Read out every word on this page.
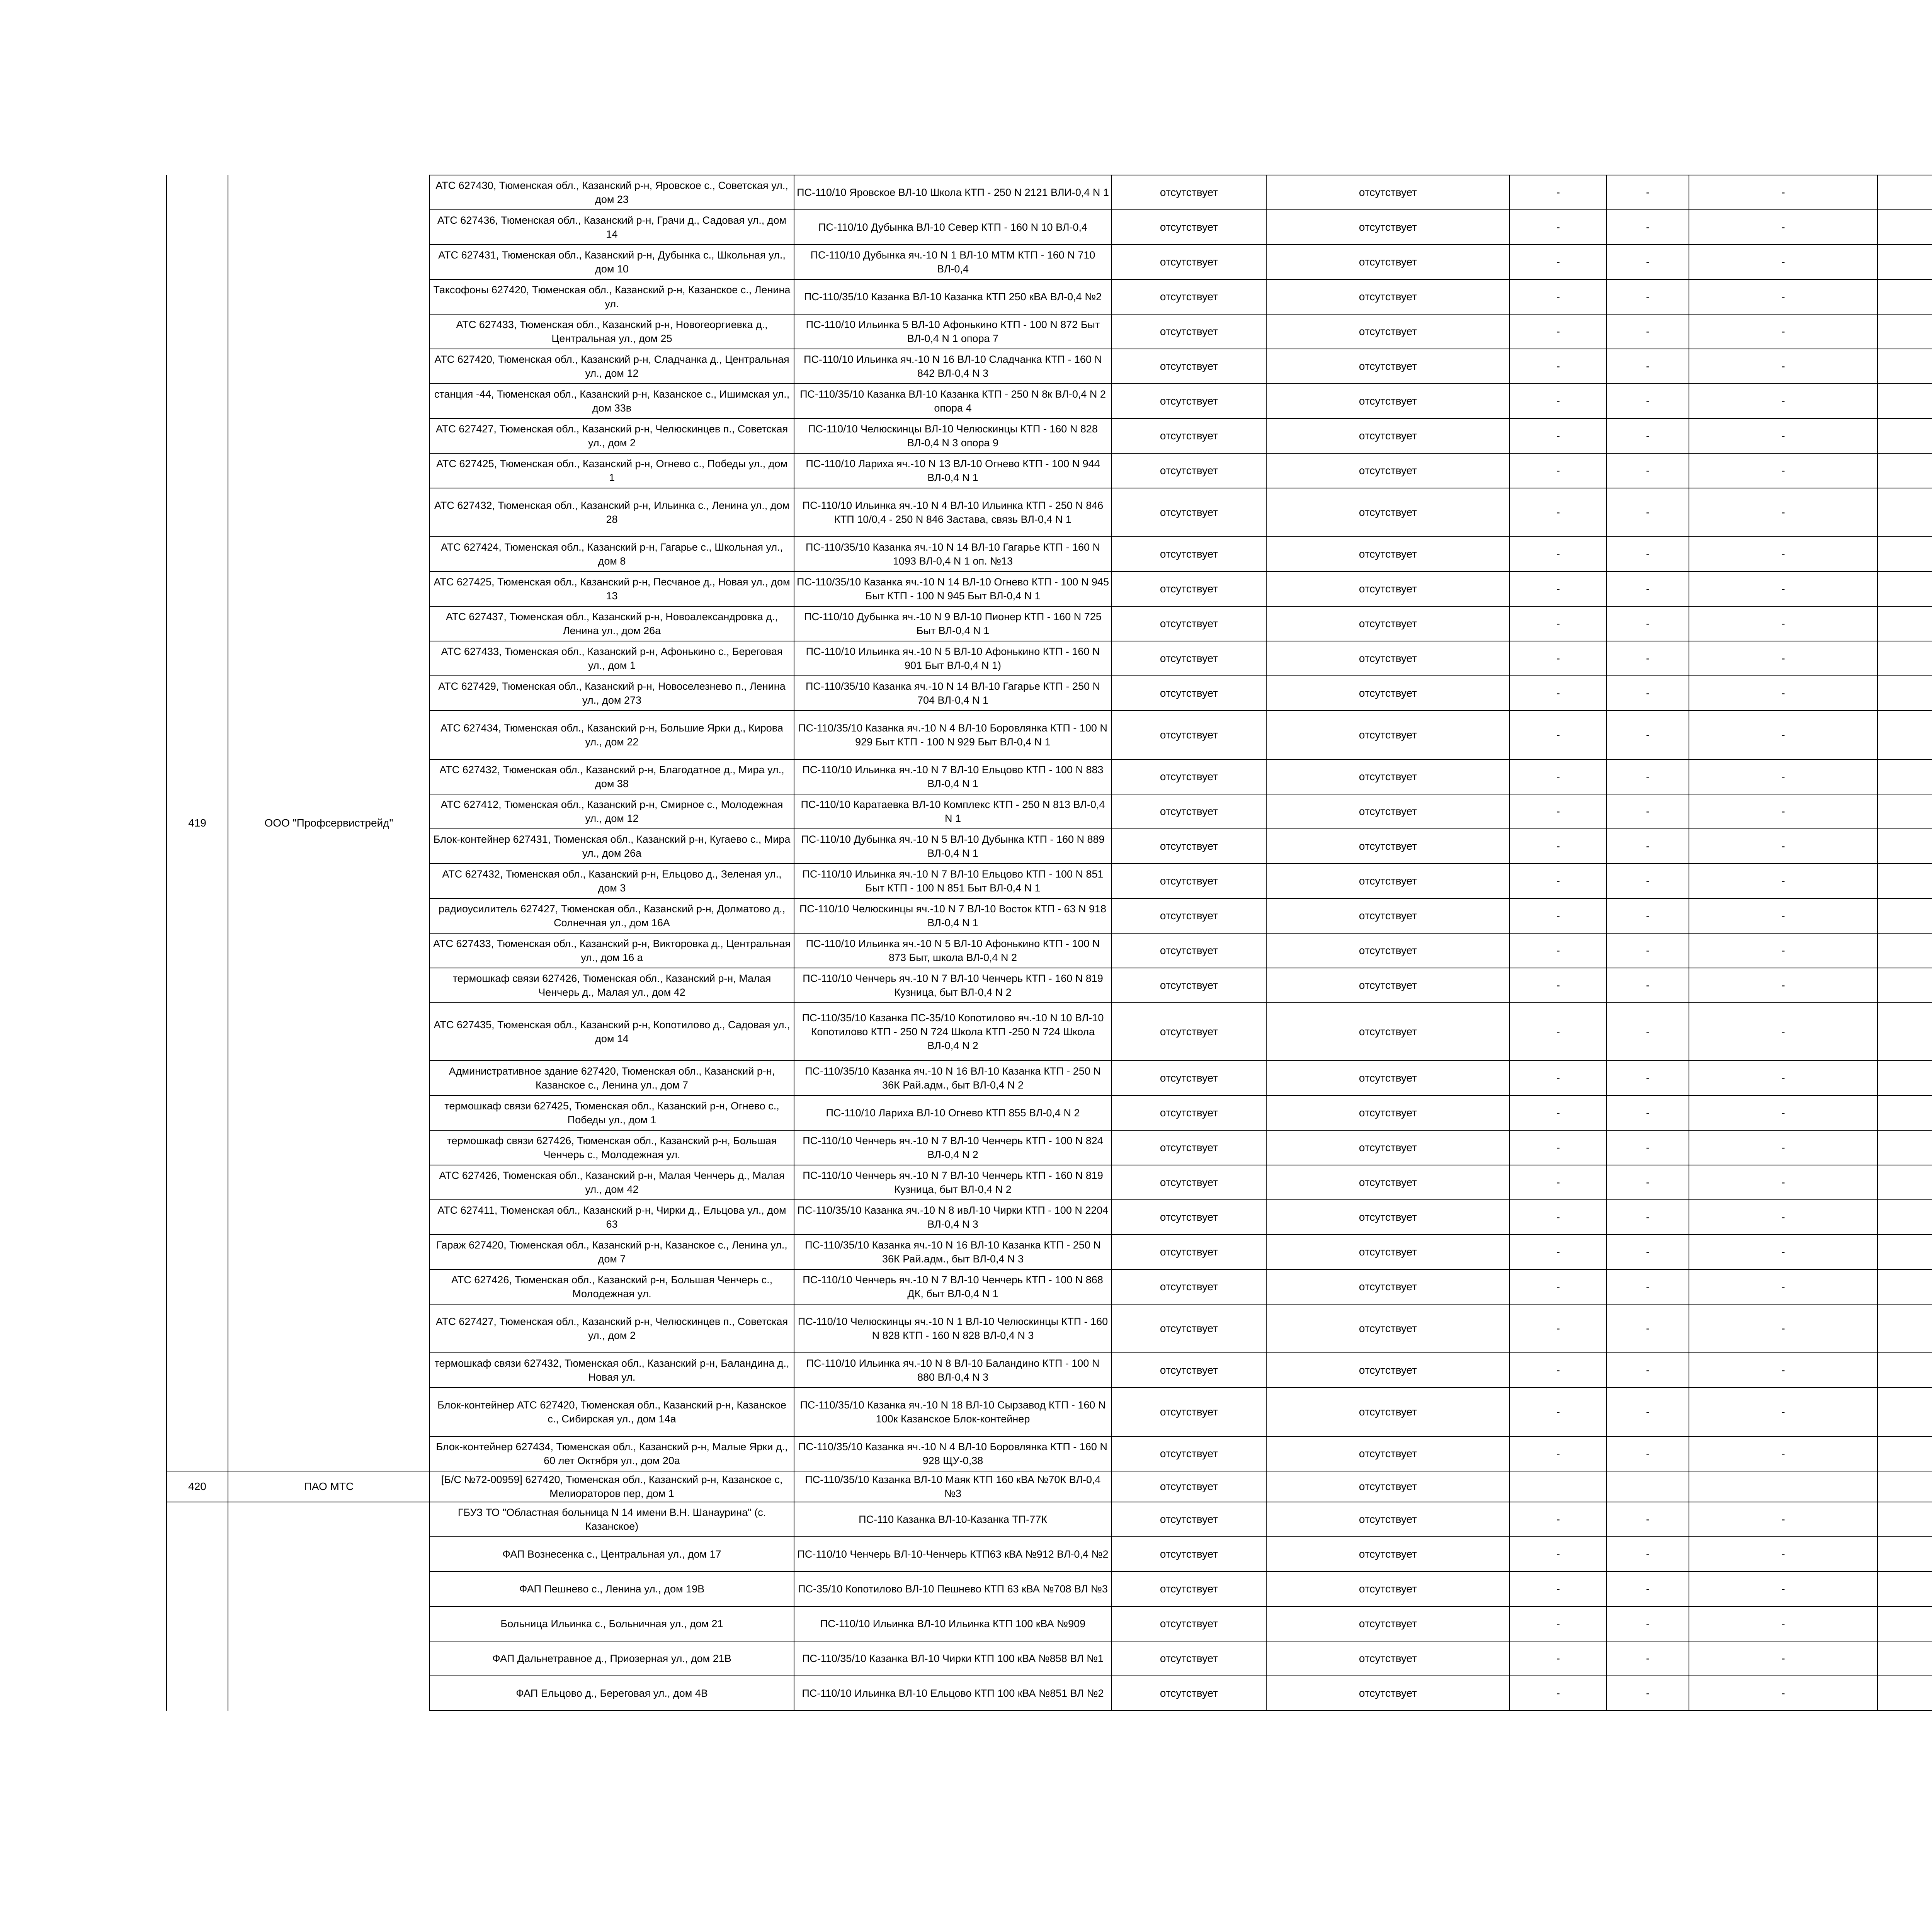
419	ООО "Профсервистрейд"	АТС 627430, Тюменская обл., Казанский р-н, Яровское с., Советская ул., дом 23	ПС-110/10 Яровское ВЛ-10 Школа КТП - 250 N 2121 ВЛИ-0,4 N 1	отсутствует	отсутствует	-	-	-		
		АТС 627436, Тюменская обл., Казанский р-н, Грачи д., Садовая ул., дом 14	ПС-110/10 Дубынка ВЛ-10 Север КТП - 160 N 10 ВЛ-0,4	отсутствует	отсутствует	-	-	-		
		АТС 627431, Тюменская обл., Казанский р-н, Дубынка с., Школьная ул., дом 10	ПС-110/10 Дубынка яч.-10 N 1 ВЛ-10 МТМ КТП - 160 N 710 ВЛ-0,4	отсутствует	отсутствует	-	-	-		
		Таксофоны 627420, Тюменская обл., Казанский р-н, Казанское с., Ленина ул.	ПС-110/35/10 Казанка ВЛ-10 Казанка КТП 250 кВА ВЛ-0,4 №2	отсутствует	отсутствует	-	-	-		
		АТС 627433, Тюменская обл., Казанский р-н, Новогеоргиевка д., Центральная ул., дом 25	ПС-110/10 Ильинка 5 ВЛ-10 Афонькино КТП - 100 N 872 Быт ВЛ-0,4 N 1 опора 7	отсутствует	отсутствует	-	-	-		
		АТС 627420, Тюменская обл., Казанский р-н, Сладчанка д., Центральная ул., дом 12	ПС-110/10 Ильинка яч.-10 N 16 ВЛ-10 Сладчанка КТП - 160 N 842 ВЛ-0,4 N 3	отсутствует	отсутствует	-	-	-		
		станция -44, Тюменская обл., Казанский р-н, Казанское с., Ишимская ул., дом 33в	ПС-110/35/10 Казанка ВЛ-10 Казанка КТП - 250 N 8к ВЛ-0,4 N 2 опора 4	отсутствует	отсутствует	-	-	-		
		АТС 627427, Тюменская обл., Казанский р-н, Челюскинцев п., Советская ул., дом 2	ПС-110/10 Челюскинцы ВЛ-10 Челюскинцы КТП - 160 N 828 ВЛ-0,4 N 3 опора 9	отсутствует	отсутствует	-	-	-		
		АТС 627425, Тюменская обл., Казанский р-н, Огнево с., Победы ул., дом 1	ПС-110/10 Лариха яч.-10 N 13 ВЛ-10 Огнево КТП - 100 N 944 ВЛ-0,4 N 1	отсутствует	отсутствует	-	-	-		
		АТС 627432, Тюменская обл., Казанский р-н, Ильинка с., Ленина ул., дом 28	ПС-110/10 Ильинка яч.-10 N 4 ВЛ-10 Ильинка КТП - 250 N 846 КТП 10/0,4 - 250 N 846 Застава, связь ВЛ-0,4 N 1	отсутствует	отсутствует	-	-	-		
		АТС 627424, Тюменская обл., Казанский р-н, Гагарье с., Школьная ул., дом 8	ПС-110/35/10 Казанка яч.-10 N 14 ВЛ-10 Гагарье КТП - 160 N 1093 ВЛ-0,4 N 1 оп. №13	отсутствует	отсутствует	-	-	-		
		АТС 627425, Тюменская обл., Казанский р-н, Песчаное д., Новая ул., дом 13	ПС-110/35/10 Казанка яч.-10 N 14 ВЛ-10 Огнево КТП - 100 N 945 Быт КТП - 100 N 945 Быт ВЛ-0,4 N 1	отсутствует	отсутствует	-	-	-		
		АТС 627437, Тюменская обл., Казанский р-н, Новоалександровка д., Ленина ул., дом 26а	ПС-110/10 Дубынка яч.-10 N 9 ВЛ-10 Пионер КТП - 160 N 725 Быт ВЛ-0,4 N 1	отсутствует	отсутствует	-	-	-		
		АТС 627433, Тюменская обл., Казанский р-н, Афонькино с., Береговая ул., дом 1	ПС-110/10 Ильинка яч.-10 N 5 ВЛ-10 Афонькино КТП - 160 N 901 Быт ВЛ-0,4 N 1)	отсутствует	отсутствует	-	-	-		
		АТС 627429, Тюменская обл., Казанский р-н, Новоселезнево п., Ленина ул., дом 273	ПС-110/35/10 Казанка яч.-10 N 14 ВЛ-10 Гагарье КТП - 250 N 704 ВЛ-0,4 N 1	отсутствует	отсутствует	-	-	-		
		АТС 627434, Тюменская обл., Казанский р-н, Большие Ярки д., Кирова ул., дом 22	ПС-110/35/10 Казанка яч.-10 N 4 ВЛ-10 Боровлянка КТП - 100 N 929 Быт КТП - 100 N 929 Быт ВЛ-0,4 N 1	отсутствует	отсутствует	-	-	-		
		АТС 627432, Тюменская обл., Казанский р-н, Благодатное д., Мира ул., дом 38	ПС-110/10 Ильинка яч.-10 N 7 ВЛ-10 Ельцово КТП - 100 N 883 ВЛ-0,4 N 1	отсутствует	отсутствует	-	-	-		
		АТС 627412, Тюменская обл., Казанский р-н, Смирное с., Молодежная ул., дом 12	ПС-110/10 Каратаевка ВЛ-10 Комплекс КТП - 250 N 813 ВЛ-0,4 N 1	отсутствует	отсутствует	-	-	-		
		Блок-контейнер 627431, Тюменская обл., Казанский р-н, Кугаево с., Мира ул., дом 26а	ПС-110/10 Дубынка яч.-10 N 5 ВЛ-10 Дубынка КТП - 160 N 889 ВЛ-0,4 N 1	отсутствует	отсутствует	-	-	-		
		АТС 627432, Тюменская обл., Казанский р-н, Ельцово д., Зеленая ул., дом 3	ПС-110/10 Ильинка яч.-10 N 7 ВЛ-10 Ельцово КТП - 100 N 851 Быт КТП - 100 N 851 Быт ВЛ-0,4 N 1	отсутствует	отсутствует	-	-	-		
		радиоусилитель 627427, Тюменская обл., Казанский р-н, Долматово д., Солнечная ул., дом 16А	ПС-110/10 Челюскинцы яч.-10 N 7 ВЛ-10 Восток КТП - 63 N 918 ВЛ-0,4 N 1	отсутствует	отсутствует	-	-	-		
		АТС 627433, Тюменская обл., Казанский р-н, Викторовка д., Центральная ул., дом 16 а	ПС-110/10 Ильинка яч.-10 N 5 ВЛ-10 Афонькино КТП - 100 N 873 Быт, школа ВЛ-0,4 N 2	отсутствует	отсутствует	-	-	-		
		термошкаф связи 627426, Тюменская обл., Казанский р-н, Малая Ченчерь д., Малая ул., дом 42	ПС-110/10 Ченчерь яч.-10 N 7 ВЛ-10 Ченчерь КТП - 160 N 819 Кузница, быт ВЛ-0,4 N 2	отсутствует	отсутствует	-	-	-		
		АТС 627435, Тюменская обл., Казанский р-н, Копотилово д., Садовая ул., дом 14	ПС-110/35/10 Казанка ПС-35/10 Копотилово яч.-10 N 10 ВЛ-10 Копотилово КТП - 250 N 724 Школа КТП -250 N 724 Школа ВЛ-0,4 N 2	отсутствует	отсутствует	-	-	-		
		Административное здание 627420, Тюменская обл., Казанский р-н, Казанское с., Ленина ул., дом 7	ПС-110/35/10 Казанка яч.-10 N 16 ВЛ-10 Казанка КТП - 250 N 36К Рай.адм., быт ВЛ-0,4 N 2	отсутствует	отсутствует	-	-	-		
		термошкаф связи 627425, Тюменская обл., Казанский р-н, Огнево с., Победы ул., дом 1	ПС-110/10 Лариха ВЛ-10 Огнево КТП 855 ВЛ-0,4 N 2	отсутствует	отсутствует	-	-	-		
		термошкаф связи 627426, Тюменская обл., Казанский р-н, Большая Ченчерь с., Молодежная ул.	ПС-110/10 Ченчерь яч.-10 N 7 ВЛ-10 Ченчерь КТП - 100 N 824 ВЛ-0,4 N 2	отсутствует	отсутствует	-	-	-		
		АТС 627426, Тюменская обл., Казанский р-н, Малая Ченчерь д., Малая ул., дом 42	ПС-110/10 Ченчерь яч.-10 N 7 ВЛ-10 Ченчерь КТП - 160 N 819 Кузница, быт ВЛ-0,4 N 2	отсутствует	отсутствует	-	-	-		
		АТС 627411, Тюменская обл., Казанский р-н, Чирки д., Ельцова ул., дом 63	ПС-110/35/10 Казанка яч.-10 N 8 ивЛ-10 Чирки КТП - 100 N 2204 ВЛ-0,4 N 3	отсутствует	отсутствует	-	-	-		
		Гараж 627420, Тюменская обл., Казанский р-н, Казанское с., Ленина ул., дом 7	ПС-110/35/10 Казанка яч.-10 N 16 ВЛ-10 Казанка КТП - 250 N 36К Рай.адм., быт ВЛ-0,4 N 3	отсутствует	отсутствует	-	-	-		
		АТС 627426, Тюменская обл., Казанский р-н, Большая Ченчерь с., Молодежная ул.	ПС-110/10 Ченчерь яч.-10 N 7 ВЛ-10 Ченчерь КТП - 100 N 868 ДК, быт ВЛ-0,4 N 1	отсутствует	отсутствует	-	-	-		
		АТС 627427, Тюменская обл., Казанский р-н, Челюскинцев п., Советская ул., дом 2	ПС-110/10 Челюскинцы яч.-10 N 1 ВЛ-10 Челюскинцы КТП - 160 N 828 КТП - 160 N 828 ВЛ-0,4 N 3	отсутствует	отсутствует	-	-	-		
		термошкаф связи 627432, Тюменская обл., Казанский р-н, Баландина д., Новая ул.	ПС-110/10 Ильинка яч.-10 N 8 ВЛ-10 Баландино КТП - 100 N 880 ВЛ-0,4 N 3	отсутствует	отсутствует	-	-	-		
		Блок-контейнер АТС 627420, Тюменская обл., Казанский р-н, Казанское с., Сибирская ул., дом 14а	ПС-110/35/10 Казанка яч.-10 N 18 ВЛ-10 Сырзавод КТП - 160 N 100к Казанское Блок-контейнер	отсутствует	отсутствует	-	-	-		
		Блок-контейнер 627434, Тюменская обл., Казанский р-н, Малые Ярки д., 60 лет Октября ул., дом 20а	ПС-110/35/10 Казанка яч.-10 N 4 ВЛ-10 Боровлянка КТП - 160 N 928 ЩУ-0,38	отсутствует	отсутствует	-	-	-		
420	ПАО МТС	[Б/С №72-00959] 627420, Тюменская обл., Казанский р-н, Казанское с, Мелиораторов пер, дом 1	ПС-110/35/10 Казанка ВЛ-10 Маяк КТП 160 кВА №70К ВЛ-0,4 №3	отсутствует	отсутствует					
		ГБУЗ ТО "Областная больница N 14 имени В.Н. Шанаурина" (с. Казанское)	ПС-110 Казанка ВЛ-10-Казанка ТП-77К	отсутствует	отсутствует	-	-	-		
		ФАП Вознесенка с., Центральная ул., дом 17	ПС-110/10 Ченчерь ВЛ-10-Ченчерь КТП63 кВА №912 ВЛ-0,4 №2	отсутствует	отсутствует	-	-	-		
		ФАП Пешнево с., Ленина ул., дом 19В	ПС-35/10 Копотилово ВЛ-10 Пешнево КТП 63 кВА №708 ВЛ №3	отсутствует	отсутствует	-	-	-		
		Больница Ильинка с., Больничная ул., дом 21	ПС-110/10 Ильинка ВЛ-10 Ильинка КТП 100 кВА №909	отсутствует	отсутствует	-	-	-		
		ФАП Дальнетравное д., Приозерная ул., дом 21В	ПС-110/35/10 Казанка ВЛ-10 Чирки КТП 100 кВА №858 ВЛ №1	отсутствует	отсутствует	-	-	-		
		ФАП Ельцово д., Береговая ул., дом 4В	ПС-110/10 Ильинка ВЛ-10 Ельцово КТП 100 кВА №851 ВЛ №2	отсутствует	отсутствует	-	-	-		
